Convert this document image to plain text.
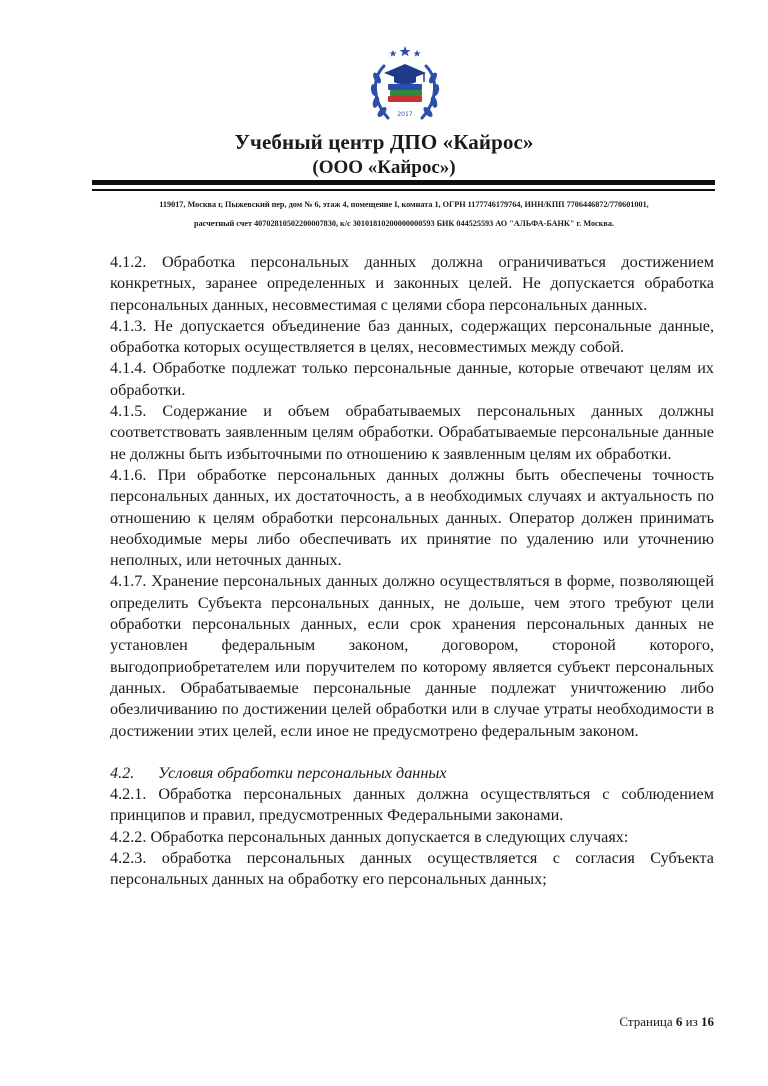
2017
Учебный центр ДПО «Кайрос»
(ООО «Кайрос»)
119017, Москва г, Пыжевский пер, дом № 6, этаж 4, помещение I, комната 1, ОГРН 1177746179764, ИНН/КПП 7706446872/770601001,
расчетный счет 40702810502200007830, к/с 30101810200000000593 БИК 044525593 АО "АЛЬФА-БАНК" г. Москва.

4.1.2. Обработка персональных данных должна ограничиваться достижением конкретных, заранее определенных и законных целей. Не допускается обработка персональных данных, несовместимая с целями сбора персональных данных.

4.1.3. Не допускается объединение баз данных, содержащих персональные данные, обработка которых осуществляется в целях, несовместимых между собой.

4.1.4. Обработке подлежат только персональные данные, которые отвечают целям их обработки.

4.1.5. Содержание и объем обрабатываемых персональных данных должны соответствовать заявленным целям обработки. Обрабатываемые персональные данные не должны быть избыточными по отношению к заявленным целям их обработки.

4.1.6. При обработке персональных данных должны быть обеспечены точность персональных данных, их достаточность, а в необходимых случаях и актуальность по отношению к целям обработки персональных данных. Оператор должен принимать необходимые меры либо обеспечивать их принятие по удалению или уточнению неполных, или неточных данных.

4.1.7. Хранение персональных данных должно осуществляться в форме, позволяющей определить Субъекта персональных данных, не дольше, чем этого требуют цели обработки персональных данных, если срок хранения персональных данных не установлен федеральным законом, договором, стороной которого, выгодоприобретателем или поручителем по которому является субъект персональных данных. Обрабатываемые персональные данные подлежат уничтожению либо обезличиванию по достижении целей обработки или в случае утраты необходимости в достижении этих целей, если иное не предусмотрено федеральным законом.

4.2. Условия обработки персональных данных

4.2.1. Обработка персональных данных должна осуществляться с соблюдением принципов и правил, предусмотренных Федеральными законами.

4.2.2. Обработка персональных данных допускается в следующих случаях:

4.2.3. обработка персональных данных осуществляется с согласия Субъекта персональных данных на обработку его персональных данных;

Страница 6 из 16
